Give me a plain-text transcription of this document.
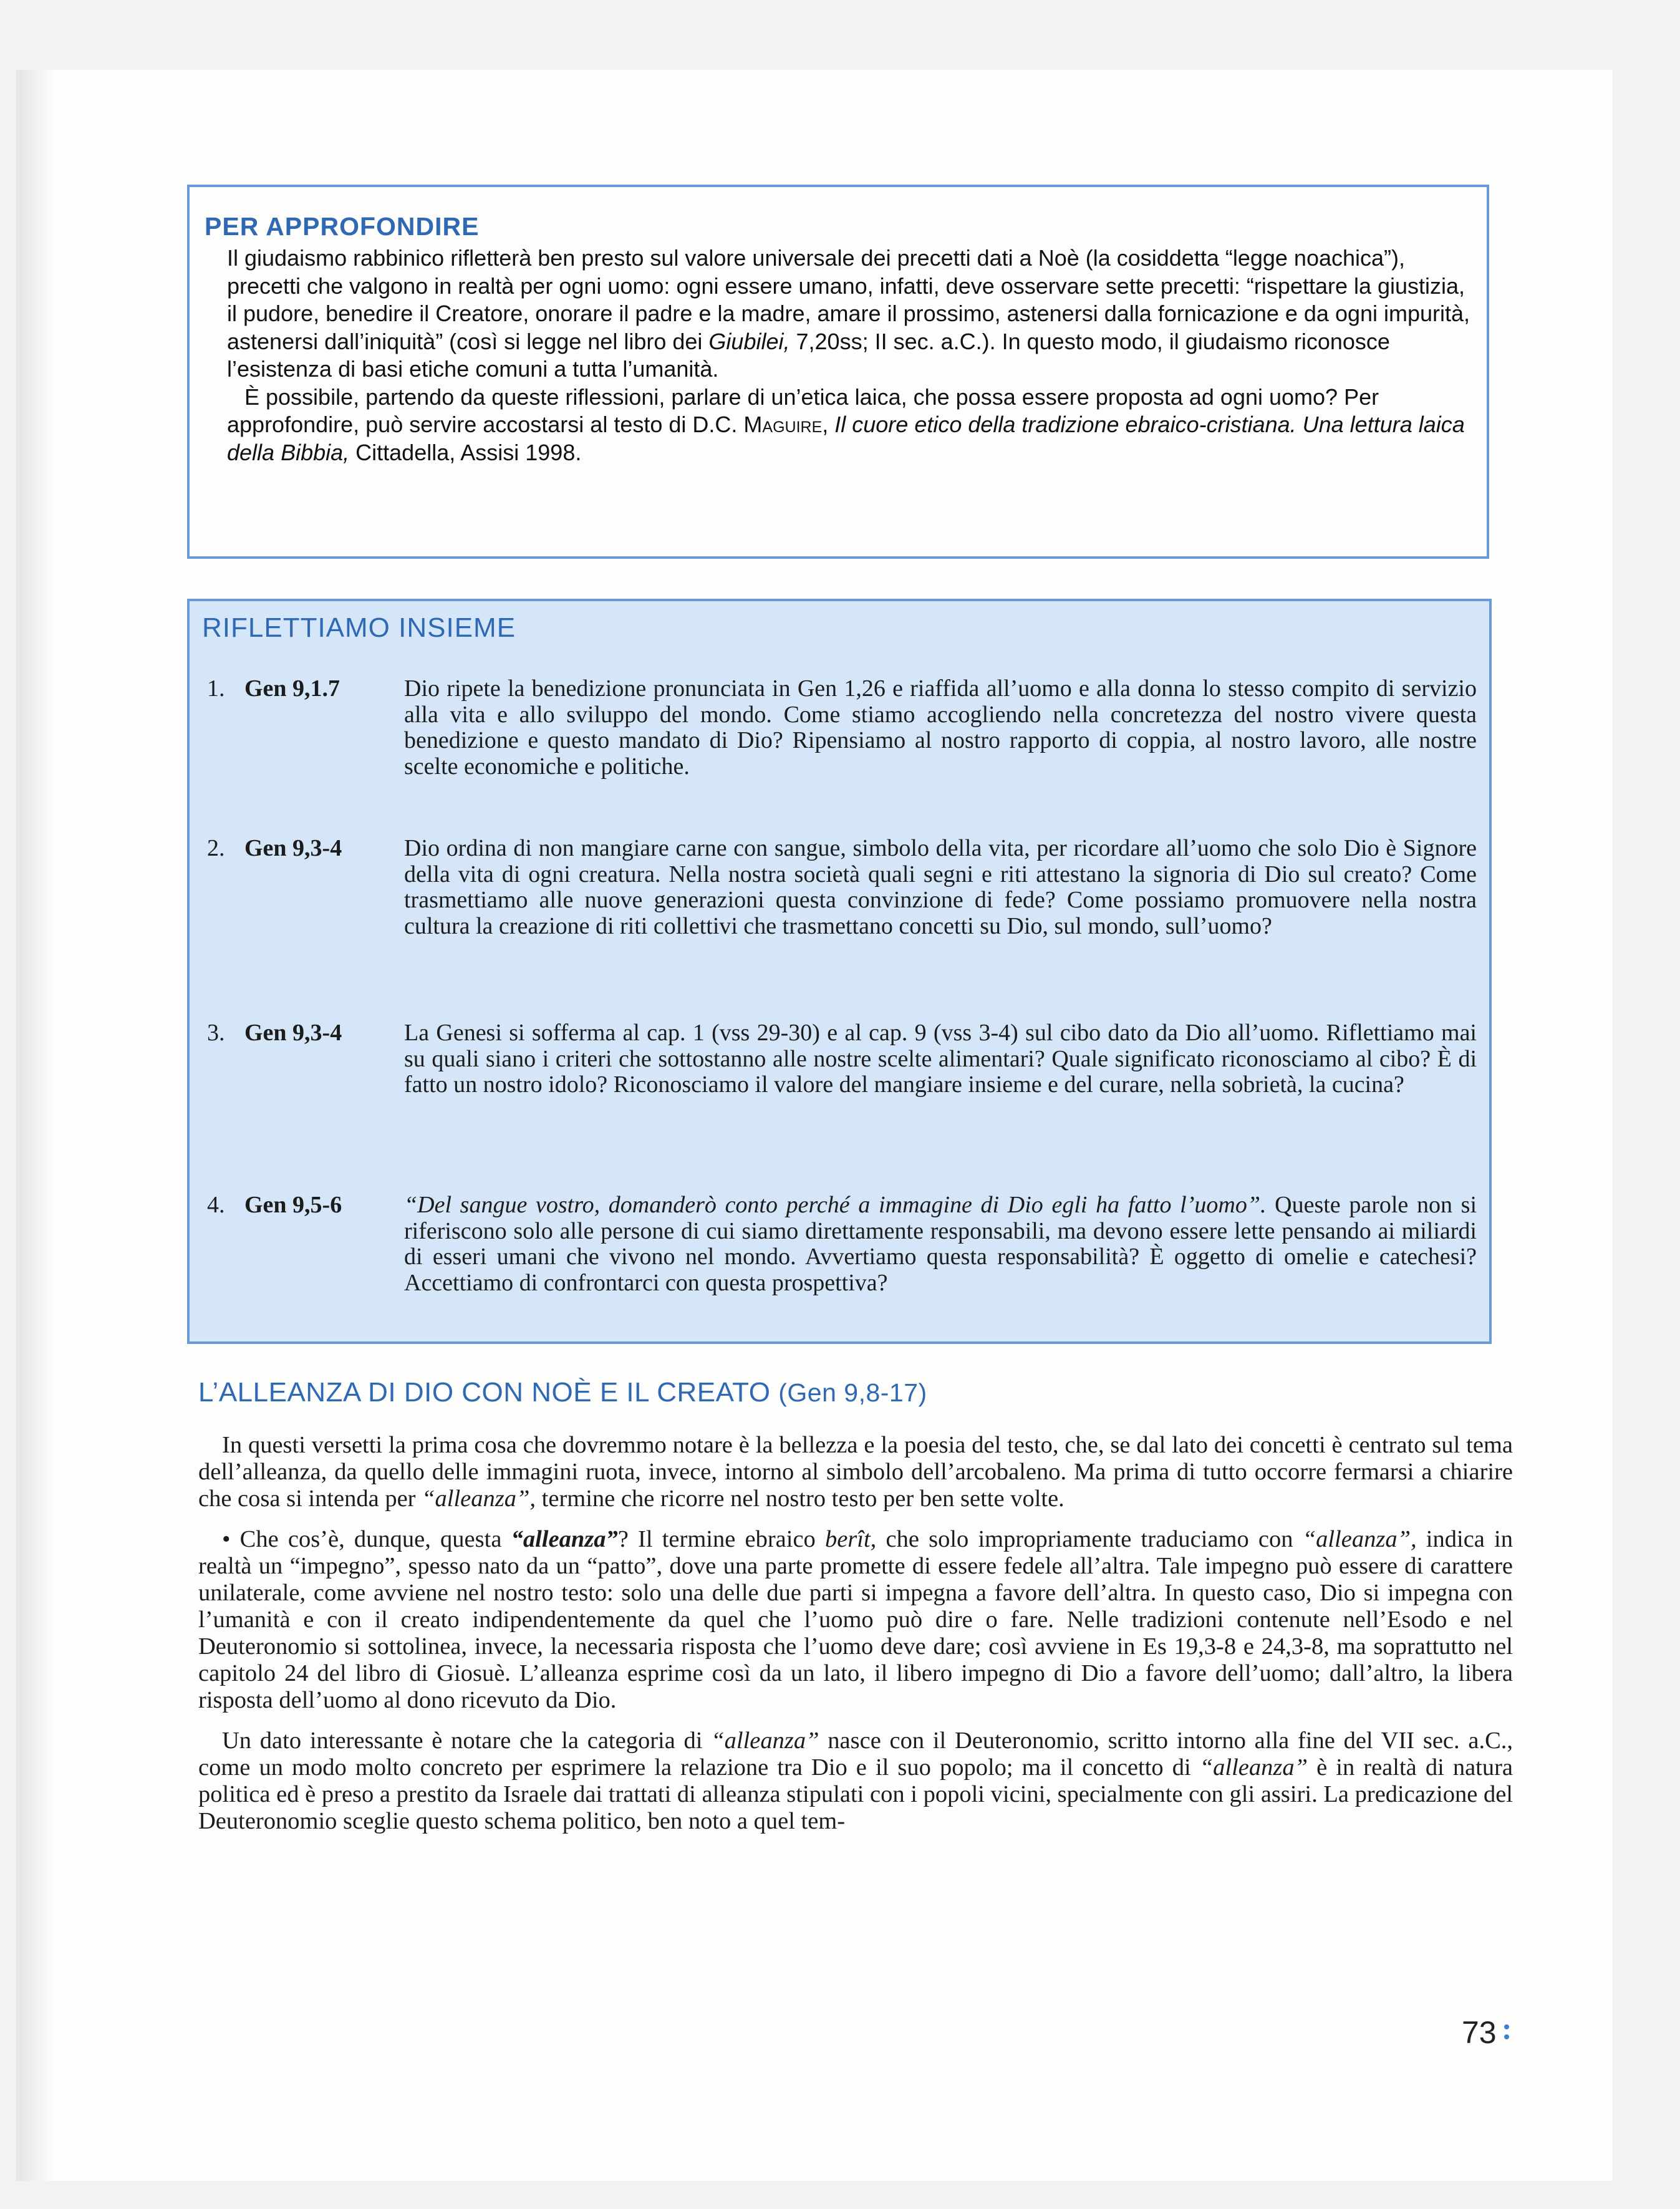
PER APPROFONDIRE

Il giudaismo rabbinico rifletterà ben presto sul valore universale dei precetti dati a Noè (la cosiddetta “legge noachica”), precetti che valgono in realtà per ogni uomo: ogni essere umano, infatti, deve osservare sette precetti: “rispettare la giustizia, il pudore, benedire il Creatore, onorare il padre e la madre, amare il prossimo, astenersi dalla fornicazione e da ogni impurità, astenersi dall’iniquità” (così si legge nel libro dei Giubilei, 7,20ss; II sec. a.C.). In questo modo, il giudaismo riconosce l’esistenza di basi etiche comuni a tutta l’umanità.

È possibile, partendo da queste riflessioni, parlare di un’etica laica, che possa essere proposta ad ogni uomo? Per approfondire, può servire accostarsi al testo di D.C. Maguire, Il cuore etico della tradizione ebraico-cristiana. Una lettura laica della Bibbia, Cittadella, Assisi 1998.

RIFLETTIAMO INSIEME
1. Gen 9,1.7	Dio ripete la benedizione pronunciata in Gen 1,26 e riaffida all’uomo e alla donna lo stesso compito di servizio alla vita e allo sviluppo del mondo. Come stiamo accogliendo nella concretezza del nostro vivere questa benedizione e questo mandato di Dio? Ripensiamo al nostro rapporto di coppia, al nostro lavoro, alle nostre scelte economiche e politiche.
2. Gen 9,3-4	Dio ordina di non mangiare carne con sangue, simbolo della vita, per ricordare all’uomo che solo Dio è Signore della vita di ogni creatura. Nella nostra società quali segni e riti attestano la signoria di Dio sul creato? Come trasmettiamo alle nuove generazioni questa convinzione di fede? Come possiamo promuovere nella nostra cultura la creazione di riti collettivi che trasmettano concetti su Dio, sul mondo, sull’uomo?
3. Gen 9,3-4	La Genesi si sofferma al cap. 1 (vss 29-30) e al cap. 9 (vss 3-4) sul cibo dato da Dio all’uomo. Riflettiamo mai su quali siano i criteri che sottostanno alle nostre scelte alimentari? Quale significato riconosciamo al cibo? È di fatto un nostro idolo? Riconosciamo il valore del mangiare insieme e del curare, nella sobrietà, la cucina?
4. Gen 9,5-6	“Del sangue vostro, domanderò conto perché a immagine di Dio egli ha fatto l’uomo”. Queste parole non si riferiscono solo alle persone di cui siamo direttamente responsabili, ma devono essere lette pensando ai miliardi di esseri umani che vivono nel mondo. Avvertiamo questa responsabilità? È oggetto di omelie e catechesi? Accettiamo di confrontarci con questa prospettiva?
L’ALLEANZA DI DIO CON NOÈ E IL CREATO (Gen 9,8-17)

In questi versetti la prima cosa che dovremmo notare è la bellezza e la poesia del testo, che, se dal lato dei concetti è centrato sul tema dell’alleanza, da quello delle immagini ruota, invece, intorno al simbolo dell’arcobaleno. Ma prima di tutto occorre fermarsi a chiarire che cosa si intenda per “alleanza”, termine che ricorre nel nostro testo per ben sette volte.

• Che cos’è, dunque, questa “alleanza”? Il termine ebraico berît, che solo impropriamente traduciamo con “alleanza”, indica in realtà un “impegno”, spesso nato da un “patto”, dove una parte promette di essere fedele all’altra. Tale impegno può essere di carattere unilaterale, come avviene nel nostro testo: solo una delle due parti si impegna a favore dell’altra. In questo caso, Dio si impegna con l’umanità e con il creato indipendentemente da quel che l’uomo può dire o fare. Nelle tradizioni contenute nell’Esodo e nel Deuteronomio si sottolinea, invece, la necessaria risposta che l’uomo deve dare; così avviene in Es 19,3-8 e 24,3-8, ma soprattutto nel capitolo 24 del libro di Giosuè. L’alleanza esprime così da un lato, il libero impegno di Dio a favore dell’uomo; dall’altro, la libera risposta dell’uomo al dono ricevuto da Dio.

Un dato interessante è notare che la categoria di “alleanza” nasce con il Deuteronomio, scritto intorno alla fine del VII sec. a.C., come un modo molto concreto per esprimere la relazione tra Dio e il suo popolo; ma il concetto di “alleanza” è in realtà di natura politica ed è preso a prestito da Israele dai trattati di alleanza stipulati con i popoli vicini, specialmente con gli assiri. La predicazione del Deuteronomio sceglie questo schema politico, ben noto a quel tem-

73
